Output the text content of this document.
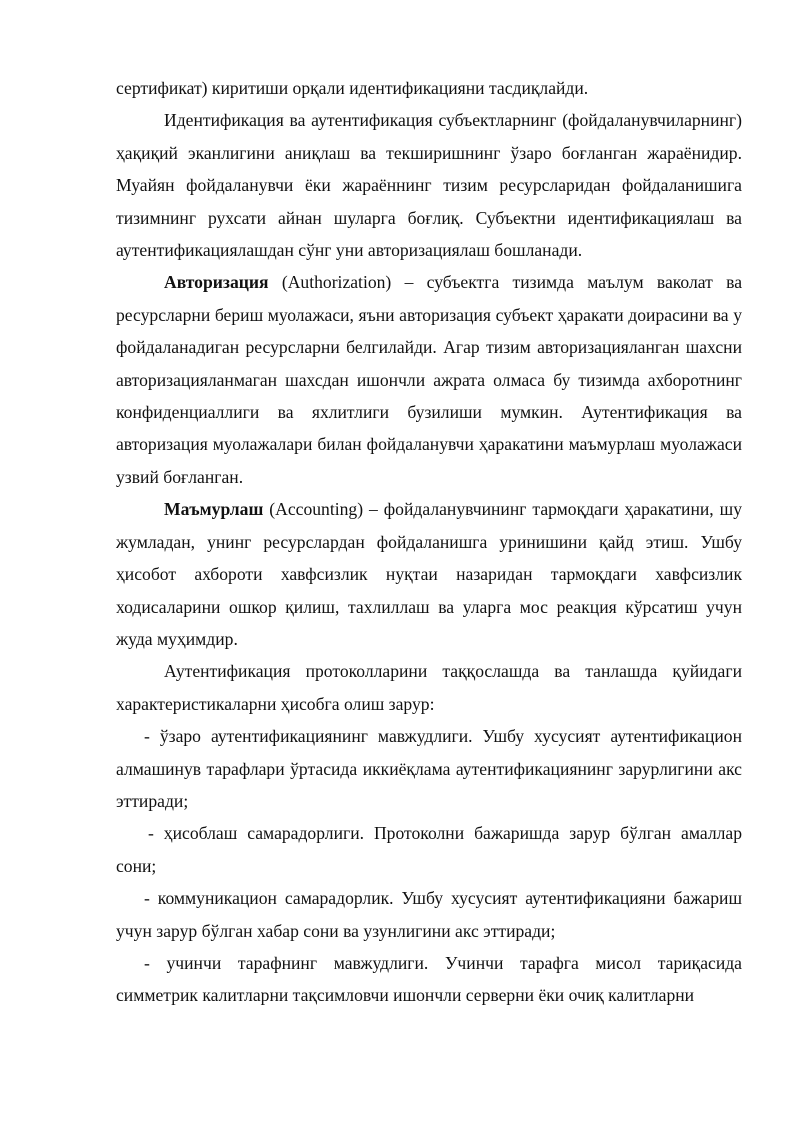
сертификат) киритиши орқали идентификацияни тасдиқлайди.

Идентификация ва аутентификация субъектларнинг (фойдаланувчиларнинг) ҳақиқий эканлигини аниқлаш ва текширишнинг ўзаро боғланган жараёнидир. Муайян фойдаланувчи ёки жараённинг тизим ресурсларидан фойдаланишига тизимнинг рухсати айнан шуларга боғлиқ. Субъектни идентификациялаш ва аутентификациялашдан сўнг уни авторизациялаш бошланади.

Авторизация (Authorization) – субъектга тизимда маълум ваколат ва ресурсларни бериш муолажаси, яъни авторизация субъект ҳаракати доирасини ва у фойдаланадиган ресурсларни белгилайди. Агар тизим авторизацияланган шахсни авторизацияланмаган шахсдан ишончли ажрата олмаса бу тизимда ахборотнинг конфиденциаллиги ва яхлитлиги бузилиши мумкин. Аутентификация ва авторизация муолажалари билан фойдаланувчи ҳаракатини маъмурлаш муолажаси узвий боғланган.

Маъмурлаш (Accounting) – фойдаланувчининг тармоқдаги ҳаракатини, шу жумладан, унинг ресурслардан фойдаланишга уринишини қайд этиш. Ушбу ҳисобот ахбороти хавфсизлик нуқтаи назаридан тармоқдаги хавфсизлик ходисаларини ошкор қилиш, тахлиллаш ва уларга мос реакция кўрсатиш учун жуда муҳимдир.

Аутентификация протоколларини таққослашда ва танлашда қуйидаги характеристикаларни ҳисобга олиш зарур:

- ўзаро аутентификациянинг мавжудлиги. Ушбу хусусият аутентификацион алмашинув тарафлари ўртасида иккиёқлама аутентификациянинг зарурлигини акс эттиради;

- ҳисоблаш самарадорлиги. Протоколни бажаришда зарур бўлган амаллар сони;

- коммуникацион самарадорлик. Ушбу хусусият аутентификацияни бажариш учун зарур бўлган хабар сони ва узунлигини акс эттиради;

- учинчи тарафнинг мавжудлиги. Учинчи тарафга мисол тариқасида симметрик калитларни тақсимловчи ишончли серверни ёки очиқ калитларни
